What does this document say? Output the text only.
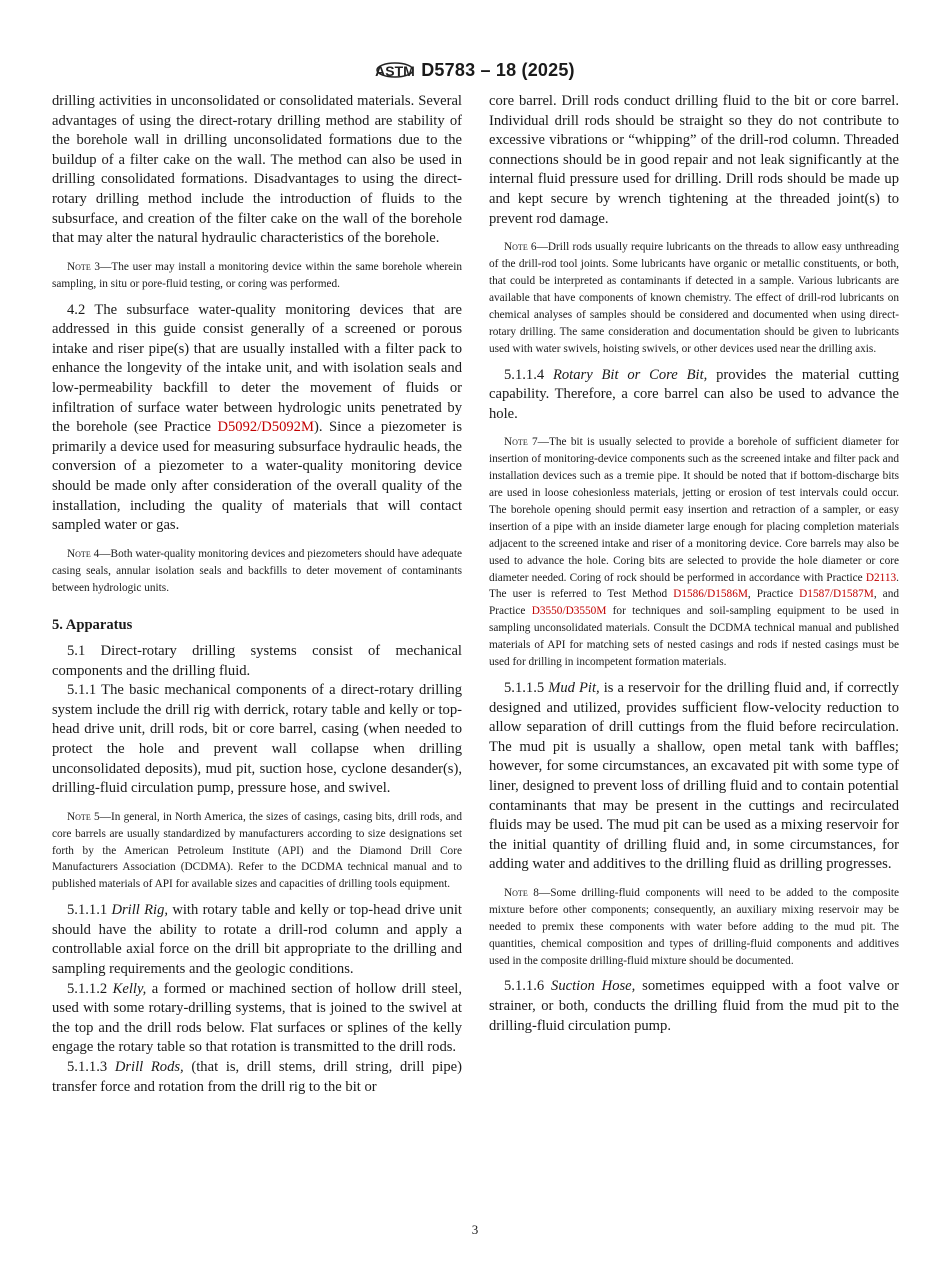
ASTM D5783 – 18 (2025)

drilling activities in unconsolidated or consolidated materials. Several advantages of using the direct-rotary drilling method are stability of the borehole wall in drilling unconsolidated formations due to the buildup of a filter cake on the wall. The method can also be used in drilling consolidated formations. Disadvantages to using the direct-rotary drilling method include the introduction of fluids to the subsurface, and creation of the filter cake on the wall of the borehole that may alter the natural hydraulic characteristics of the borehole.

Note 3—The user may install a monitoring device within the same borehole wherein sampling, in situ or pore-fluid testing, or coring was performed.

4.2 The subsurface water-quality monitoring devices that are addressed in this guide consist generally of a screened or porous intake and riser pipe(s) that are usually installed with a filter pack to enhance the longevity of the intake unit, and with isolation seals and low-permeability backfill to deter the movement of fluids or infiltration of surface water between hydrologic units penetrated by the borehole (see Practice D5092/D5092M). Since a piezometer is primarily a device used for measuring subsurface hydraulic heads, the conversion of a piezometer to a water-quality monitoring device should be made only after consideration of the overall quality of the installation, including the quality of materials that will contact sampled water or gas.

Note 4—Both water-quality monitoring devices and piezometers should have adequate casing seals, annular isolation seals and backfills to deter movement of contaminants between hydrologic units.

5. Apparatus

5.1 Direct-rotary drilling systems consist of mechanical components and the drilling fluid.

5.1.1 The basic mechanical components of a direct-rotary drilling system include the drill rig with derrick, rotary table and kelly or top-head drive unit, drill rods, bit or core barrel, casing (when needed to protect the hole and prevent wall collapse when drilling unconsolidated deposits), mud pit, suction hose, cyclone desander(s), drilling-fluid circulation pump, pressure hose, and swivel.

Note 5—In general, in North America, the sizes of casings, casing bits, drill rods, and core barrels are usually standardized by manufacturers according to size designations set forth by the American Petroleum Institute (API) and the Diamond Drill Core Manufacturers Association (DCDMA). Refer to the DCDMA technical manual and to published materials of API for available sizes and capacities of drilling tools equipment.

5.1.1.1 Drill Rig, with rotary table and kelly or top-head drive unit should have the ability to rotate a drill-rod column and apply a controllable axial force on the drill bit appropriate to the drilling and sampling requirements and the geologic conditions.

5.1.1.2 Kelly, a formed or machined section of hollow drill steel, used with some rotary-drilling systems, that is joined to the swivel at the top and the drill rods below. Flat surfaces or splines of the kelly engage the rotary table so that rotation is transmitted to the drill rods.

5.1.1.3 Drill Rods, (that is, drill stems, drill string, drill pipe) transfer force and rotation from the drill rig to the bit or

core barrel. Drill rods conduct drilling fluid to the bit or core barrel. Individual drill rods should be straight so they do not contribute to excessive vibrations or “whipping” of the drill-rod column. Threaded connections should be in good repair and not leak significantly at the internal fluid pressure used for drilling. Drill rods should be made up and kept secure by wrench tightening at the threaded joint(s) to prevent rod damage.

Note 6—Drill rods usually require lubricants on the threads to allow easy unthreading of the drill-rod tool joints. Some lubricants have organic or metallic constituents, or both, that could be interpreted as contaminants if detected in a sample. Various lubricants are available that have components of known chemistry. The effect of drill-rod lubricants on chemical analyses of samples should be considered and documented when using direct-rotary drilling. The same consideration and documentation should be given to lubricants used with water swivels, hoisting swivels, or other devices used near the drilling axis.

5.1.1.4 Rotary Bit or Core Bit, provides the material cutting capability. Therefore, a core barrel can also be used to advance the hole.

Note 7—The bit is usually selected to provide a borehole of sufficient diameter for insertion of monitoring-device components such as the screened intake and filter pack and installation devices such as a tremie pipe. It should be noted that if bottom-discharge bits are used in loose cohesionless materials, jetting or erosion of test intervals could occur. The borehole opening should permit easy insertion and retraction of a sampler, or easy insertion of a pipe with an inside diameter large enough for placing completion materials adjacent to the screened intake and riser of a monitoring device. Core barrels may also be used to advance the hole. Coring bits are selected to provide the hole diameter or core diameter needed. Coring of rock should be performed in accordance with Practice D2113. The user is referred to Test Method D1586/D1586M, Practice D1587/D1587M, and Practice D3550/D3550M for techniques and soil-sampling equipment to be used in sampling unconsolidated materials. Consult the DCDMA technical manual and published materials of API for matching sets of nested casings and rods if nested casings must be used for drilling in incompetent formation materials.

5.1.1.5 Mud Pit, is a reservoir for the drilling fluid and, if correctly designed and utilized, provides sufficient flow-velocity reduction to allow separation of drill cuttings from the fluid before recirculation. The mud pit is usually a shallow, open metal tank with baffles; however, for some circumstances, an excavated pit with some type of liner, designed to prevent loss of drilling fluid and to contain potential contaminants that may be present in the cuttings and recirculated fluids may be used. The mud pit can be used as a mixing reservoir for the initial quantity of drilling fluid and, in some circumstances, for adding water and additives to the drilling fluid as drilling progresses.

Note 8—Some drilling-fluid components will need to be added to the composite mixture before other components; consequently, an auxiliary mixing reservoir may be needed to premix these components with water before adding to the mud pit. The quantities, chemical composition and types of drilling-fluid components and additives used in the composite drilling-fluid mixture should be documented.

5.1.1.6 Suction Hose, sometimes equipped with a foot valve or strainer, or both, conducts the drilling fluid from the mud pit to the drilling-fluid circulation pump.

3
